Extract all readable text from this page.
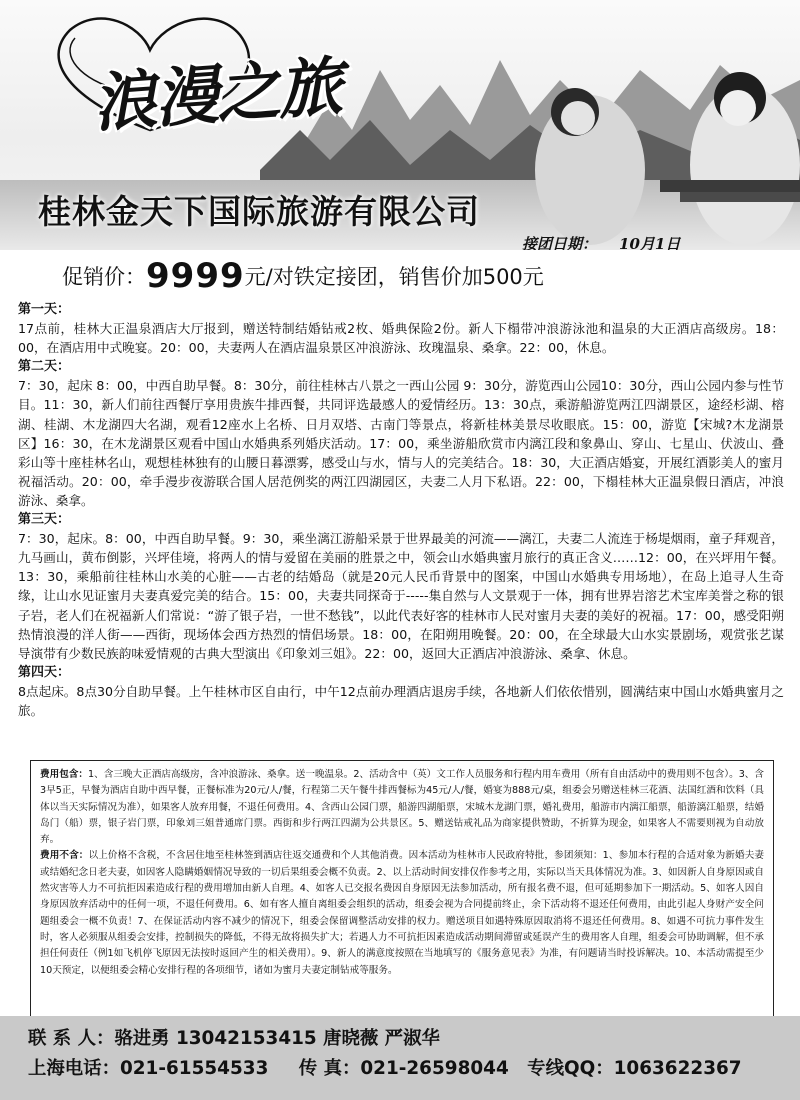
浪漫之旅
桂林金天下国际旅游有限公司
接团日期： 10月1日
促销价：9999元/对铁定接团，销售价加500元
第一天：
17点前，桂林大正温泉酒店大厅报到，赠送特制结婚钻戒2枚、婚典保险2份。新人下榻带冲浪游泳池和温泉的大正酒店高级房。18：00，在酒店用中式晚宴。20：00，夫妻两人在酒店温泉景区冲浪游泳、玫瑰温泉、桑拿。22：00，休息。
第二天：
7：30，起床 8：00，中西自助早餐。8：30分，前往桂林古八景之一西山公园 9：30分，游览西山公园10：30分，西山公园内参与性节目。11：30，新人们前往西餐厅享用贵族牛排西餐，共同评选最感人的爱情经历。13：30点，乘游船游览两江四湖景区，途经杉湖、榕湖、桂湖、木龙湖四大名湖，观看12座水上名桥、日月双塔、古南门等景点，将新桂林美景尽收眼底。15：00，游览【宋城?木龙湖景区】16：30，在木龙湖景区观看中国山水婚典系列婚庆活动。17：00，乘坐游船欣赏市内漓江段和象鼻山、穿山、七星山、伏波山、叠彩山等十座桂林名山，观想桂林独有的山腰日暮漂雾，感受山与水，情与人的完美结合。18：30，大正酒店婚宴，开展红酒影美人的蜜月祝福活动。20：00，牵手漫步夜游联合国人居范例奖的两江四湖园区，夫妻二人月下私语。22：00，下榻桂林大正温泉假日酒店，冲浪游泳、桑拿。
第三天：
7：30，起床。8：00，中西自助早餐。9：30，乘坐漓江游船采景于世界最美的河流——漓江，夫妻二人流连于杨堤烟雨，童子拜观音，九马画山，黄布倒影，兴坪佳境，将两人的情与爱留在美丽的胜景之中，领会山水婚典蜜月旅行的真正含义……12：00，在兴坪用午餐。 13：30，乘船前往桂林山水美的心脏——古老的结婚岛（就是20元人民币背景中的图案，中国山水婚典专用场地），在岛上追寻人生奇缘，让山水见证蜜月夫妻真爱完美的结合。15：00，夫妻共同探奇于-----集自然与人文景观于一体，拥有世界岩溶艺术宝库美誉之称的银子岩，老人们在祝福新人们常说：“游了银子岩，一世不愁钱”，以此代表好客的桂林市人民对蜜月夫妻的美好的祝福。17：00，感受阳朔热情浪漫的洋人街——西街，现场体会西方热烈的情侣场景。18：00，在阳朔用晚餐。20：00，在全球最大山水实景剧场，观赏张艺谋导演带有少数民族韵味爱情观的古典大型演出《印象刘三姐》。22：00，返回大正酒店冲浪游泳、桑拿、休息。
第四天：
8点起床。8点30分自助早餐。上午桂林市区自由行，中午12点前办理酒店退房手续，各地新人们依依惜别，圆满结束中国山水婚典蜜月之旅。

费用包含：1、含三晚大正酒店高级房，含冲浪游泳、桑拿。送一晚温泉。2、活动含中（英）文工作人员服务和行程内用车费用（所有自由活动中的费用则不包含）。3、含3早5正，早餐为酒店自助中西早餐，正餐标准为20元/人/餐，行程第二天午餐牛排西餐标为45元/人/餐，婚宴为888元/桌，组委会另赠送桂林三花酒、法国红酒和饮料（具体以当天实际情况为准），如果客人放弃用餐，不退任何费用。4、含西山公园门票，船游四湖船票，宋城木龙湖门票，婚礼费用，船游市内漓江船票，船游漓江船票，结婚岛门（船）票，银子岩门票，印象刘三姐普通席门票。西街和步行两江四湖为公共景区。5、赠送钻戒礼品为商家提供赞助，不折算为现金，如果客人不需要则视为自动放弃。

费用不含：以上价格不含税，不含居住地至桂林签到酒店往返交通费和个人其他消费。因本活动为桂林市人民政府特批，参团须知：1、参加本行程的合适对象为新婚夫妻或结婚纪念日老夫妻，如因客人隐瞒婚姻情况导致的一切后果组委会概不负责。2、以上活动时间安排仅作参考之用，实际以当天具体情况为准。3、如因新人自身原因或自然灾害等人力不可抗拒因素造成行程的费用增加由新人自理。4、如客人已交报名费因自身原因无法参加活动，所有报名费不退，但可延期参加下一期活动。5、如客人因自身原因放弃活动中的任何一项，不退任何费用。6、如有客人擅自离组委会组织的活动，组委会视为合同提前终止，余下活动将不退还任何费用，由此引起人身财产安全问题组委会一概不负责！7、在保证活动内容不减少的情况下，组委会保留调整活动安排的权力。赠送项目如遇特殊原因取消将不退还任何费用。8、如遇不可抗力事件发生时，客人必须服从组委会安排，控制损失的降低，不得无故将损失扩大；若遇人力不可抗拒因素造成活动期间滞留或延误产生的费用客人自理，组委会可协助调解，但不承担任何责任（例1如飞机停飞原因无法按时返回产生的相关费用）。9、新人的满意度按照在当地填写的《服务意见表》为准，有问题请当时投诉解决。10、本活动需提至少10天预定，以便组委会精心安排行程的各项细节，诸如为蜜月夫妻定制钻戒等服务。

联 系 人：骆进勇 13042153415 唐晓薇 严淑华
上海电话：021-61554533 传 真：021-26598044 专线QQ：1063622367
